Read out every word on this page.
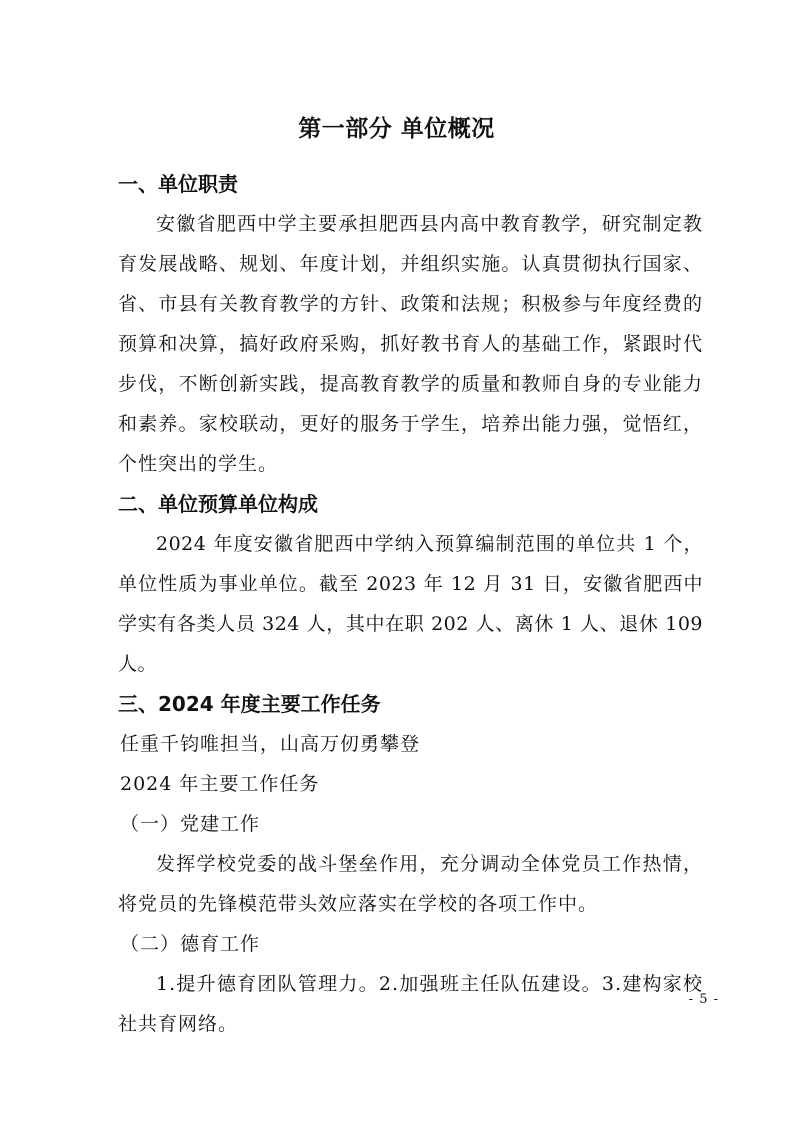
第一部分 单位概况
一、单位职责

安徽省肥西中学主要承担肥西县内高中教育教学，研究制定教育发展战略、规划、年度计划，并组织实施。认真贯彻执行国家、省、市县有关教育教学的方针、政策和法规；积极参与年度经费的预算和决算，搞好政府采购，抓好教书育人的基础工作，紧跟时代步伐，不断创新实践，提高教育教学的质量和教师自身的专业能力和素养。家校联动，更好的服务于学生，培养出能力强，觉悟红，个性突出的学生。

二、单位预算单位构成

2024 年度安徽省肥西中学纳入预算编制范围的单位共 1 个，单位性质为事业单位。截至 2023 年 12 月 31 日，安徽省肥西中学实有各类人员 324 人，其中在职 202 人、离休 1 人、退休 109 人。

三、2024 年度主要工作任务
任重千钧唯担当，山高万仞勇攀登
2024 年主要工作任务
（一）党建工作

发挥学校党委的战斗堡垒作用，充分调动全体党员工作热情，将党员的先锋模范带头效应落实在学校的各项工作中。

（二）德育工作

1.提升德育团队管理力。2.加强班主任队伍建设。3.建构家校社共育网络。

- 5 -
